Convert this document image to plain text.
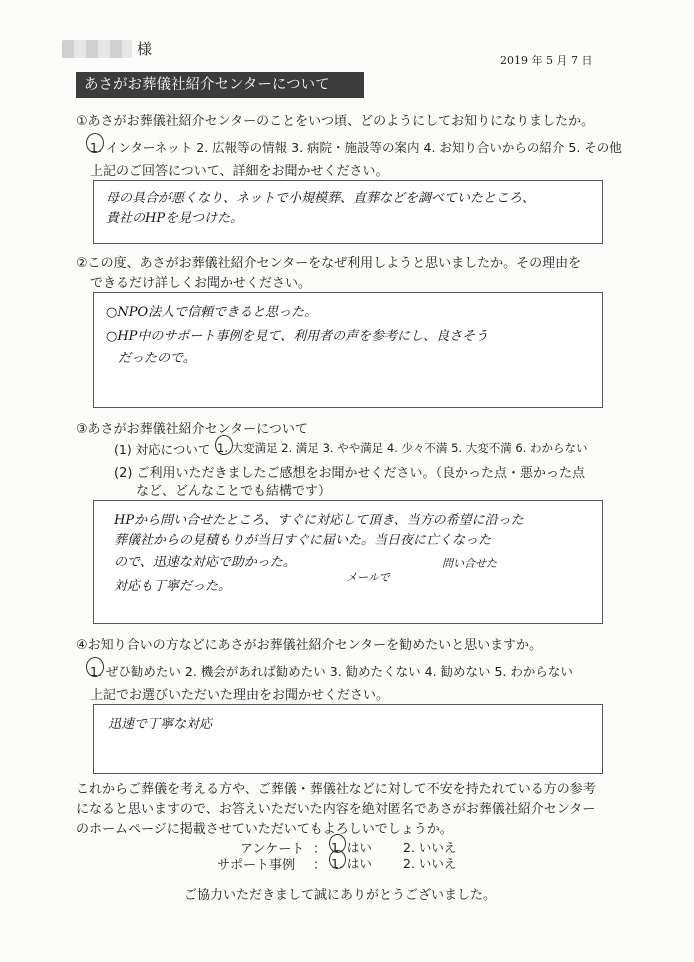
様
2019 年 5 月 7 日
あさがお葬儀社紹介センターについて
①あさがお葬儀社紹介センターのことをいつ頃、どのようにしてお知りになりましたか。
1. インターネット 2. 広報等の情報 3. 病院・施設等の案内 4. お知り合いからの紹介 5. その他
上記のご回答について、詳細をお聞かせください。
母の具合が悪くなり、ネットで小規模葬、直葬などを調べていたところ、
貴社のHPを見つけた。
②この度、あさがお葬儀社紹介センターをなぜ利用しようと思いましたか。その理由を
できるだけ詳しくお聞かせください。
○NPO法人で信頼できると思った。
○HP中のサポート事例を見て、利用者の声を参考にし、良さそう
だったので。
③あさがお葬儀社紹介センターについて
(1) 対応について 1. 大変満足 2. 満足 3. やや満足 4. 少々不満 5. 大変不満 6. わからない
(2) ご利用いただきましたご感想をお聞かせください。（良かった点・悪かった点
など、どんなことでも結構です）
HPから問い合せたところ、すぐに対応して頂き、当方の希望に沿った
葬儀社からの見積もりが当日すぐに届いた。当日夜に亡くなった
ので、迅速な対応で助かった。
対応も丁寧だった。
メールで
問い合せた
④お知り合いの方などにあさがお葬儀社紹介センターを勧めたいと思いますか。
1. ぜひ勧めたい 2. 機会があれば勧めたい 3. 勧めたくない 4. 勧めない 5. わからない
上記でお選びいただいた理由をお聞かせください。
迅速で丁寧な対応
これからご葬儀を考える方や、ご葬儀・葬儀社などに対して不安を持たれている方の参考
になると思いますので、お答えいただいた内容を絶対匿名であさがお葬儀社紹介センター
のホームページに掲載させていただいてもよろしいでしょうか。
アンケート ： 1. はい 2. いいえ
サポート事例 ： 1. はい 2. いいえ
ご協力いただきまして誠にありがとうございました。
